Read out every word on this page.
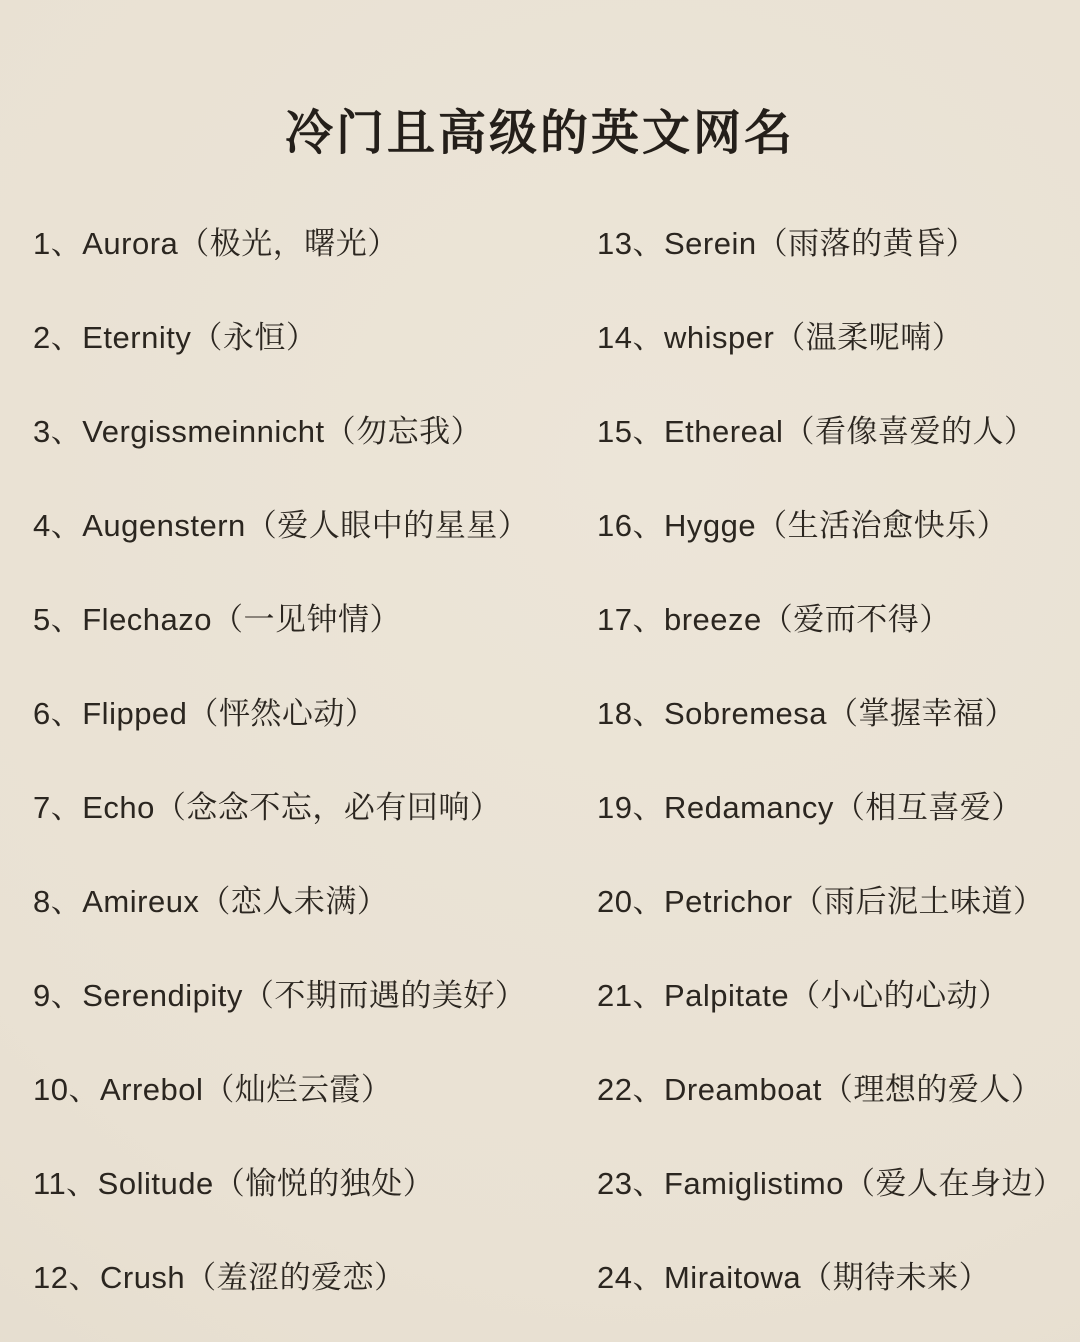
冷门且高级的英文网名
1、Aurora（极光，曙光）
2、Eternity（永恒）
3、Vergissmeinnicht（勿忘我）
4、Augenstern（爱人眼中的星星）
5、Flechazo（一见钟情）
6、Flipped（怦然心动）
7、Echo（念念不忘，必有回响）
8、Amireux（恋人未满）
9、Serendipity（不期而遇的美好）
10、Arrebol（灿烂云霞）
11、Solitude（愉悦的独处）
12、Crush（羞涩的爱恋）
13、Serein（雨落的黄昏）
14、whisper（温柔呢喃）
15、Ethereal（看像喜爱的人）
16、Hygge（生活治愈快乐）
17、breeze（爱而不得）
18、Sobremesa（掌握幸福）
19、Redamancy（相互喜爱）
20、Petrichor（雨后泥土味道）
21、Palpitate（小心的心动）
22、Dreamboat（理想的爱人）
23、Famiglistimo（爱人在身边）
24、Miraitowa（期待未来）
